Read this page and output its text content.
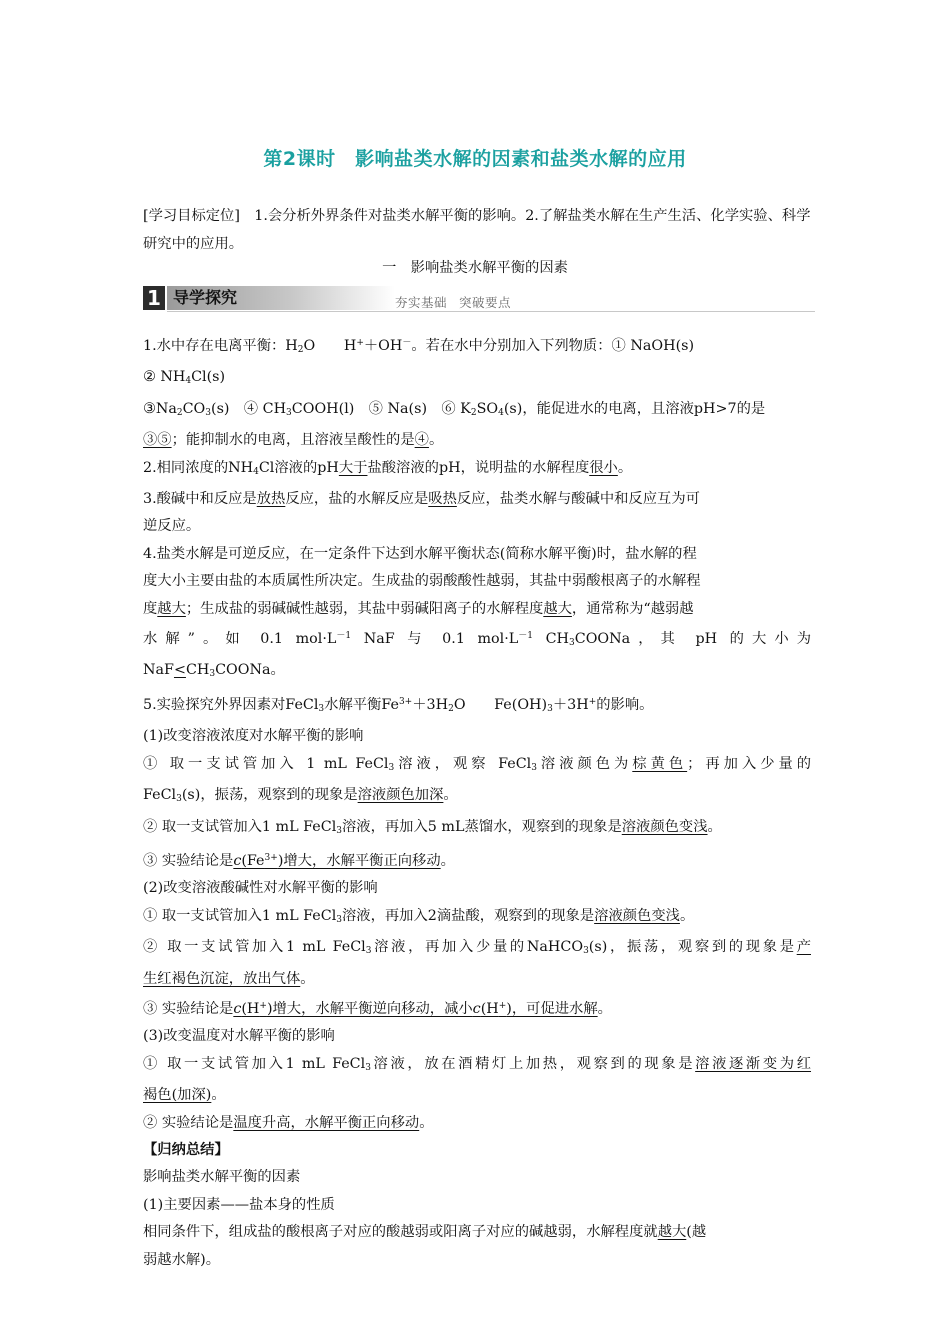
第2课时　影响盐类水解的因素和盐类水解的应用
[学习目标定位]　1.会分析外界条件对盐类水解平衡的影响。2.了解盐类水解在生产生活、化学实验、科学研究中的应用。
一　影响盐类水解平衡的因素
1 导学探究	夯实基础 突破要点

1.水中存在电离平衡：$H_2O$　　H+＋OH－。若在水中分别加入下列物质：① NaOH(s)

② $NH_4Cl(s)$

$③Na_2CO_3(s)$　④ $CH_3COOH(l)$　⑤ Na(s)　⑥ $K_2SO_4(s)$，能促进水的电离，且溶液pH>7的是

③⑤；能抑制水的电离，且溶液呈酸性的是④。

2.相同浓度的$NH_4Cl$溶液的pH大于盐酸溶液的pH，说明盐的水解程度很小。

3.酸碱中和反应是放热反应，盐的水解反应是吸热反应，盐类水解与酸碱中和反应互为可

逆反应。

4.盐类水解是可逆反应，在一定条件下达到水解平衡状态(简称水解平衡)时，盐水解的程

度大小主要由盐的本质属性所决定。生成盐的弱酸酸性越弱，其盐中弱酸根离子的水解程

度越大；生成盐的弱碱碱性越弱，其盐中弱碱阳离子的水解程度越大，通常称为“越弱越

水解”。如 0.1 $mol\cdot L^{-1}$ NaF 与 0.1 $mol\cdot L^{-1}$ $CH_3COONa$，其 pH 的大小为

$NaF<CH_3COONa$。

5.实验探究外界因素对FeCl$_3$水解平衡$Fe^{3+}+3H_2O$　　$Fe(OH)_3+3H^+$的影响。

(1)改变溶液浓度对水解平衡的影响

① 取一支试管加入 1 mL FeCl$_3$溶液，观察 FeCl$_3$溶液颜色为棕黄色；再加入少量的

FeCl$_3$(s)，振荡，观察到的现象是溶液颜色加深。

② 取一支试管加入1 mL FeCl$_3$溶液，再加入5 mL蒸馏水，观察到的现象是溶液颜色变浅。

③ 实验结论是$c(Fe^{3+})$增大，水解平衡正向移动。

(2)改变溶液酸碱性对水解平衡的影响

① 取一支试管加入1 mL FeCl$_3$溶液，再加入2滴盐酸，观察到的现象是溶液颜色变浅。

② 取一支试管加入1 mL FeCl$_3$溶液，再加入少量的NaHCO$_3$(s)，振荡，观察到的现象是产

生红褐色沉淀，放出气体。

③ 实验结论是c(H+)增大，水解平衡逆向移动，减小c(H+)，可促进水解。

(3)改变温度对水解平衡的影响

① 取一支试管加入1 mL FeCl$_3$溶液，放在酒精灯上加热，观察到的现象是溶液逐渐变为红

褐色(加深)。

② 实验结论是温度升高，水解平衡正向移动。

【归纳总结】

影响盐类水解平衡的因素

(1)主要因素——盐本身的性质

相同条件下，组成盐的酸根离子对应的酸越弱或阳离子对应的碱越弱，水解程度就越大(越

弱越水解)。
